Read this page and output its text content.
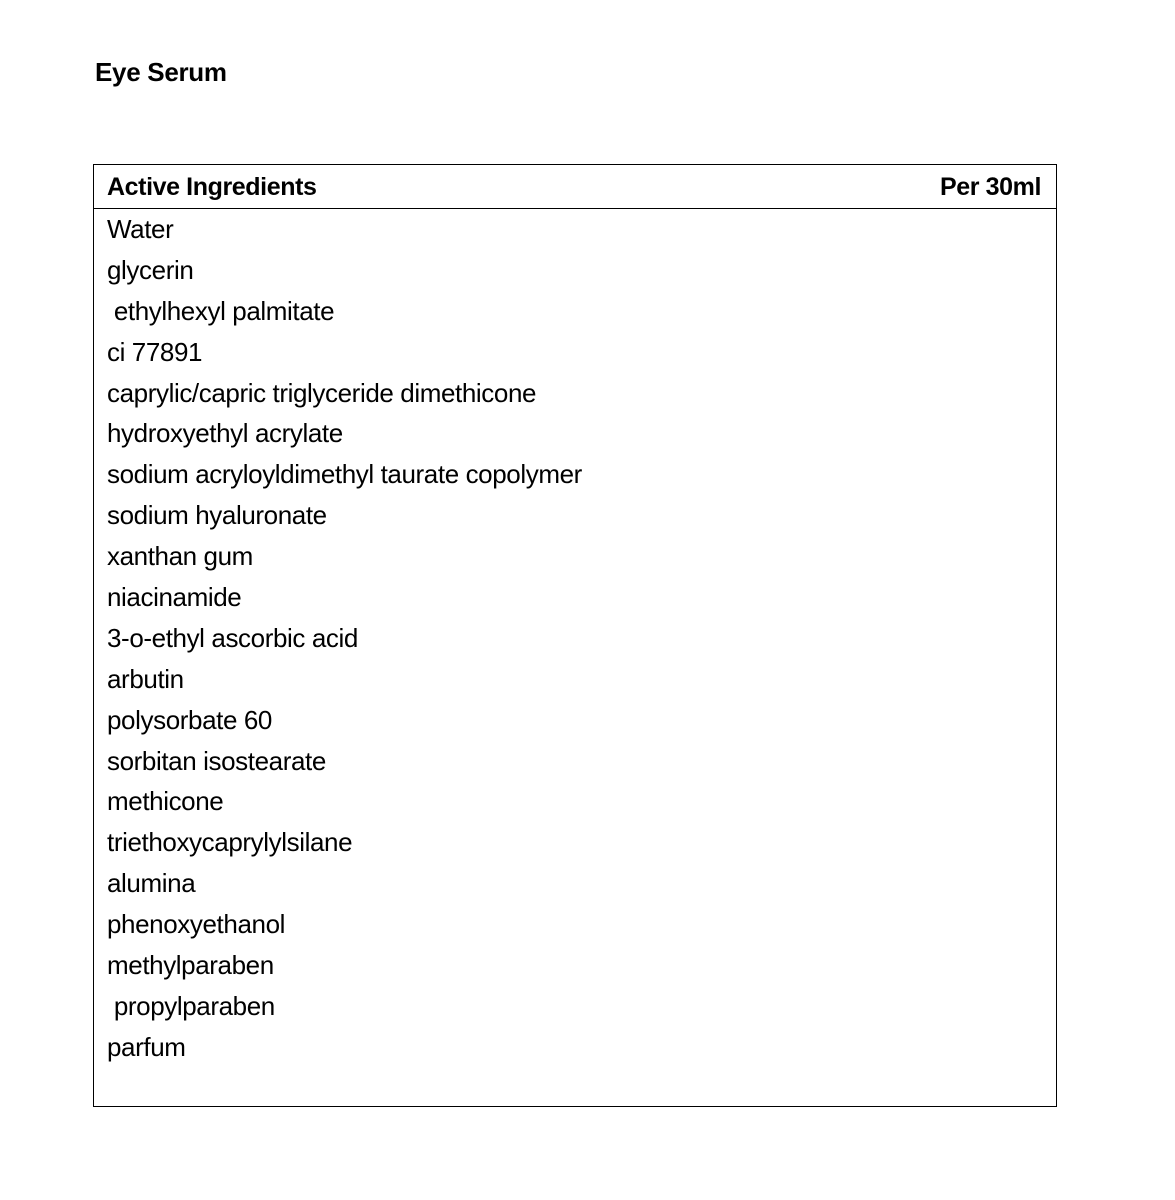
Eye Serum
Active Ingredients	Per 30ml
Water
glycerin
ethylhexyl palmitate
ci 77891
caprylic/capric triglyceride dimethicone
hydroxyethyl acrylate
sodium acryloyldimethyl taurate copolymer
sodium hyaluronate
xanthan gum
niacinamide
3-o-ethyl ascorbic acid
arbutin
polysorbate 60
sorbitan isostearate
methicone
triethoxycaprylylsilane
alumina
phenoxyethanol
methylparaben
propylparaben
parfum
